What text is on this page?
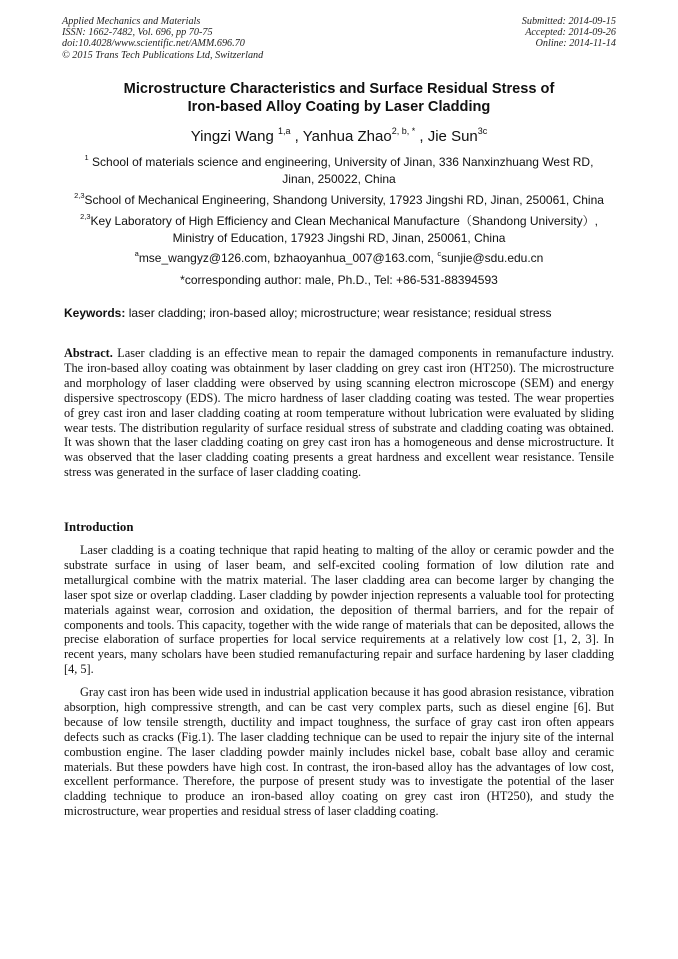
Applied Mechanics and Materials
ISSN: 1662-7482, Vol. 696, pp 70-75
doi:10.4028/www.scientific.net/AMM.696.70
© 2015 Trans Tech Publications Ltd, Switzerland
Submitted: 2014-09-15
Accepted: 2014-09-26
Online: 2014-11-14
Microstructure Characteristics and Surface Residual Stress of
Iron-based Alloy Coating by Laser Cladding
Yingzi Wang $^{1,a}$ , Yanhua Zhao$^{2, b, *}$ , Jie Sun$^{3c}$
$^1$ School of materials science and engineering, University of Jinan, 336 Nanxinzhuang West RD,
Jinan, 250022, China
$^{2,3}$School of Mechanical Engineering, Shandong University, 17923 Jingshi RD, Jinan, 250061, China
$^{2,3}$Key Laboratory of High Efficiency and Clean Mechanical Manufacture（Shandong University）,
Ministry of Education, 17923 Jingshi RD, Jinan, 250061, China
$^a$mse_wangyz@126.com, bzhaoyanhua_007@163.com, $^c$sunjie@sdu.edu.cn
*corresponding author: male, Ph.D., Tel: +86-531-88394593
Keywords: laser cladding; iron-based alloy; microstructure; wear resistance; residual stress
Abstract. Laser cladding is an effective mean to repair the damaged components in remanufacture industry. The iron-based alloy coating was obtainment by laser cladding on grey cast iron (HT250). The microstructure and morphology of laser cladding were observed by using scanning electron microscope (SEM) and energy dispersive spectroscopy (EDS). The micro hardness of laser cladding coating was tested. The wear properties of grey cast iron and laser cladding coating at room temperature without lubrication were evaluated by sliding wear tests. The distribution regularity of surface residual stress of substrate and cladding coating was obtained. It was shown that the laser cladding coating on grey cast iron has a homogeneous and dense microstructure. It was observed that the laser cladding coating presents a great hardness and excellent wear resistance. Tensile stress was generated in the surface of laser cladding coating.
Introduction
Laser cladding is a coating technique that rapid heating to malting of the alloy or ceramic powder and the substrate surface in using of laser beam, and self-excited cooling formation of low dilution rate and metallurgical combine with the matrix material. The laser cladding area can become larger by changing the laser spot size or overlap cladding. Laser cladding by powder injection represents a valuable tool for protecting materials against wear, corrosion and oxidation, the deposition of thermal barriers, and for the repair of components and tools. This capacity, together with the wide range of materials that can be deposited, allows the precise elaboration of surface properties for local service requirements at a relatively low cost [1, 2, 3]. In recent years, many scholars have been studied remanufacturing repair and surface hardening by laser cladding [4, 5].
Gray cast iron has been wide used in industrial application because it has good abrasion resistance, vibration absorption, high compressive strength, and can be cast very complex parts, such as diesel engine [6]. But because of low tensile strength, ductility and impact toughness, the surface of gray cast iron often appears defects such as cracks (Fig.1). The laser cladding technique can be used to repair the injury site of the internal combustion engine. The laser cladding powder mainly includes nickel base, cobalt base alloy and ceramic materials. But these powders have high cost. In contrast, the iron-based alloy has the advantages of low cost, excellent performance. Therefore, the purpose of present study was to investigate the potential of the laser cladding technique to produce an iron-based alloy coating on grey cast iron (HT250), and study the microstructure, wear properties and residual stress of laser cladding coating.
